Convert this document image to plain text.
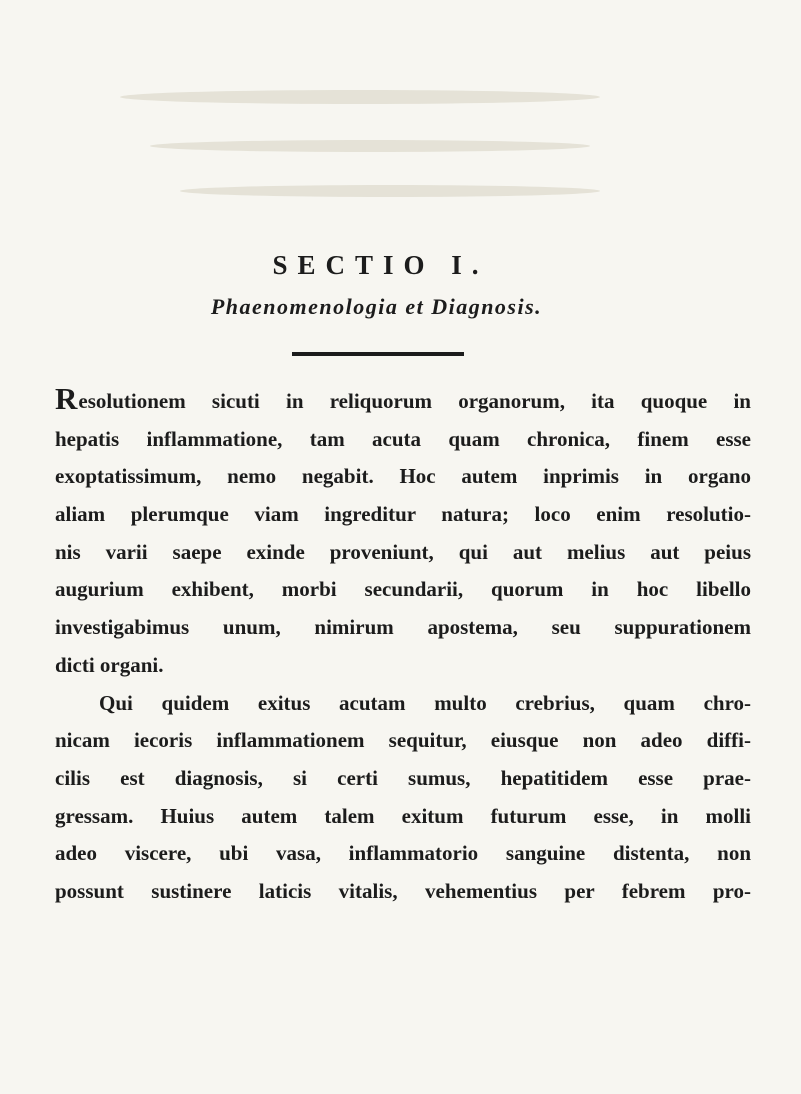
SECTIO I.
Phaenomenologia et Diagnosis.
Resolutionem sicuti in reliquorum organorum, ita quoque in
hepatis inflammatione, tam acuta quam chronica, finem esse
exoptatissimum, nemo negabit. Hoc autem inprimis in organo
aliam plerumque viam ingreditur natura; loco enim resolutio-
nis varii saepe exinde proveniunt, qui aut melius aut peius
augurium exhibent, morbi secundarii, quorum in hoc libello
investigabimus unum, nimirum apostema, seu suppurationem
dicti organi.
Qui quidem exitus acutam multo crebrius, quam chro-
nicam iecoris inflammationem sequitur, eiusque non adeo diffi-
cilis est diagnosis, si certi sumus, hepatitidem esse prae-
gressam. Huius autem talem exitum futurum esse, in molli
adeo viscere, ubi vasa, inflammatorio sanguine distenta, non
possunt sustinere laticis vitalis, vehementius per febrem pro-
